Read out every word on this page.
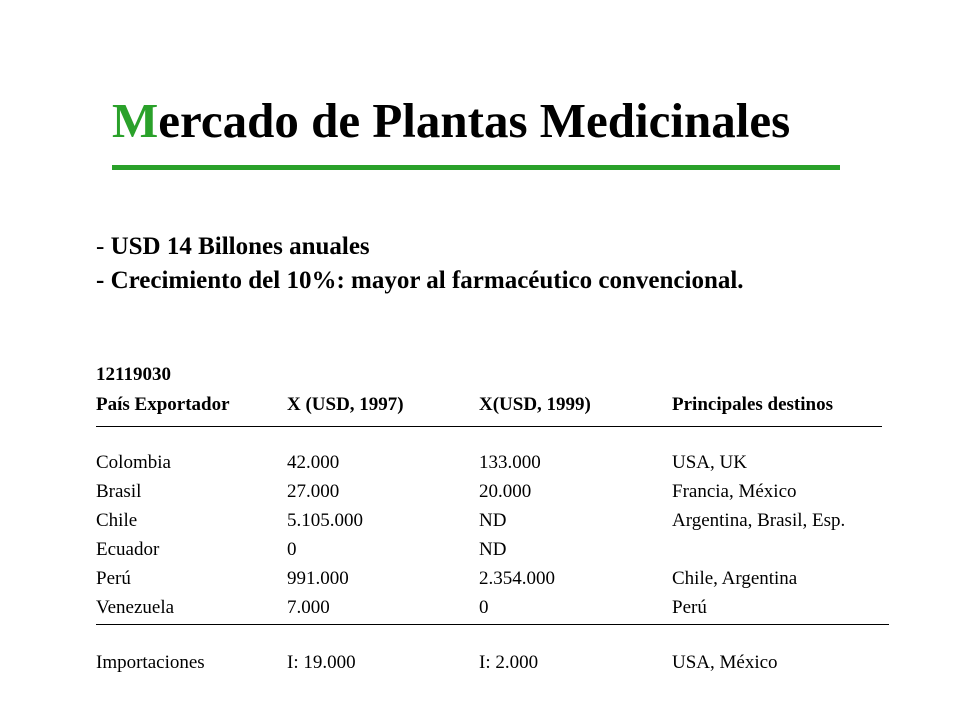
Mercado de Plantas Medicinales
- USD 14 Billones anuales
- Crecimiento del 10%: mayor al farmacéutico convencional.
12119030
País Exportador	X (USD, 1997)	X(USD, 1999)	Principales destinos
Colombia	42.000	133.000	USA, UK
Brasil	27.000	20.000	Francia, México
Chile	5.105.000	ND	Argentina, Brasil, Esp.
Ecuador	0	ND
Perú	991.000	2.354.000	Chile, Argentina
Venezuela	7.000	0	Perú
Importaciones	I: 19.000	I: 2.000	USA, México
